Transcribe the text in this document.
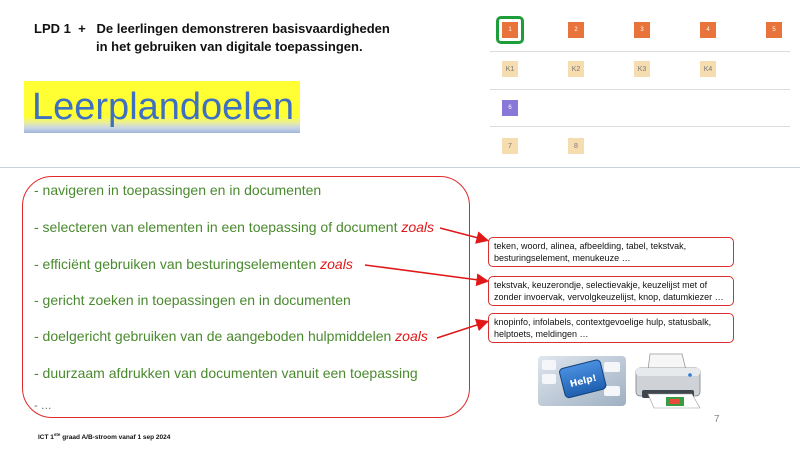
LPD 1 + De leerlingen demonstreren basisvaardigheden
in het gebruiken van digitale toepassingen.
Leerplandoelen
1	2	3	4	5
K1	K2	K3	K4
6
7	8
- navigeren in toepassingen en in documenten
- selecteren van elementen in een toepassing of document zoals
- efficiënt gebruiken van besturingselementen zoals
- gericht zoeken in toepassingen en in documenten
- doelgericht gebruiken van de aangeboden hulpmiddelen zoals
- duurzaam afdrukken van documenten vanuit een toepassing
- …
teken, woord, alinea, afbeelding, tabel, tekstvak, besturingselement, menukeuze …
tekstvak, keuzerondje, selectievakje, keuzelijst met of zonder invoervak, vervolgkeuzelijst, knop, datumkiezer …
knopinfo, infolabels, contextgevoelige hulp, statusbalk, helptoets, meldingen …
Help!
ICT 1ste graad A/B-stroom vanaf 1 sep 2024
7
